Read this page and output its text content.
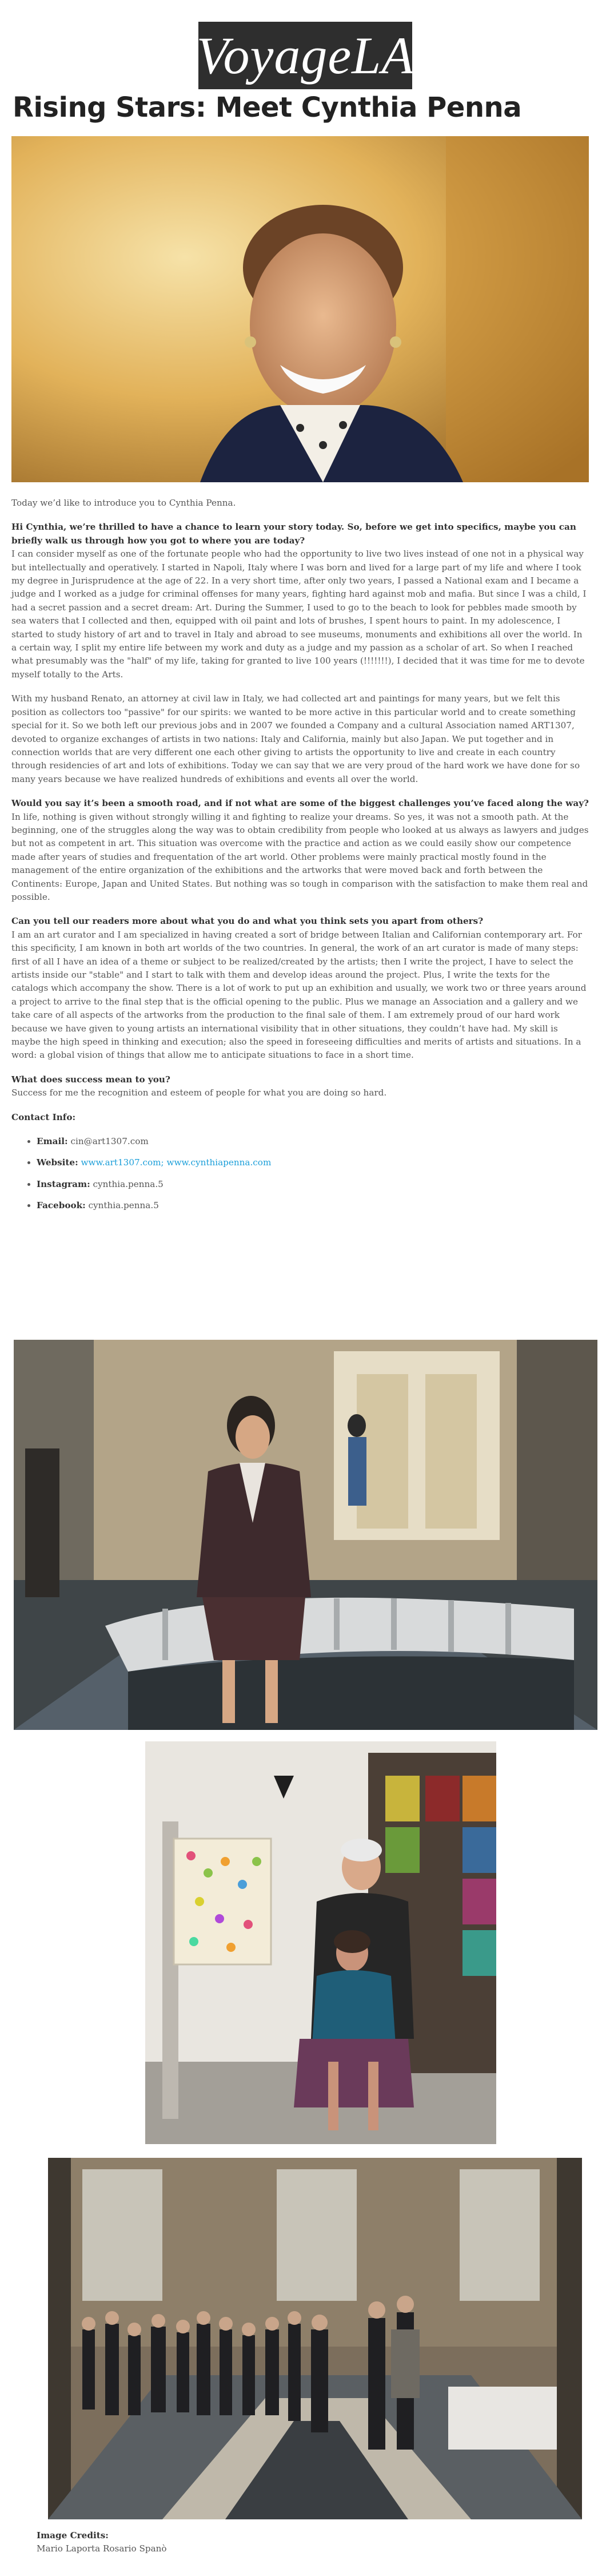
VoyageLA
Rising Stars: Meet Cynthia Penna

Today we’d like to introduce you to Cynthia Penna.

Hi Cynthia, we’re thrilled to have a chance to learn your story today. So, before we get into specifics, maybe you can briefly walk us through how you got to where you are today?

I can consider myself as one of the fortunate people who had the opportunity to live two lives instead of one not in a physical way but intellectually and operatively. I started in Napoli, Italy where I was born and lived for a large part of my life and where I took my degree in Jurisprudence at the age of 22. In a very short time, after only two years, I passed a National exam and I became a judge and I worked as a judge for criminal offenses for many years, fighting hard against mob and mafia. But since I was a child, I had a secret passion and a secret dream: Art. During the Summer, I used to go to the beach to look for pebbles made smooth by sea waters that I collected and then, equipped with oil paint and lots of brushes, I spent hours to paint. In my adolescence, I started to study history of art and to travel in Italy and abroad to see museums, monuments and exhibitions all over the world. In a certain way, I split my entire life between my work and duty as a judge and my passion as a scholar of art. So when I reached what presumably was the "half" of my life, taking for granted to live 100 years (!!!!!!!), I decided that it was time for me to devote myself totally to the Arts.

With my husband Renato, an attorney at civil law in Italy, we had collected art and paintings for many years, but we felt this position as collectors too "passive" for our spirits: we wanted to be more active in this particular world and to create something special for it. So we both left our previous jobs and in 2007 we founded a Company and a cultural Association named ART1307, devoted to organize exchanges of artists in two nations: Italy and California, mainly but also Japan. We put together and in connection worlds that are very different one each other giving to artists the opportunity to live and create in each country through residencies of art and lots of exhibitions. Today we can say that we are very proud of the hard work we have done for so many years because we have realized hundreds of exhibitions and events all over the world.

Would you say it’s been a smooth road, and if not what are some of the biggest challenges you’ve faced along the way?

In life, nothing is given without strongly willing it and fighting to realize your dreams. So yes, it was not a smooth path. At the beginning, one of the struggles along the way was to obtain credibility from people who looked at us always as lawyers and judges but not as competent in art. This situation was overcome with the practice and action as we could easily show our competence made after years of studies and frequentation of the art world. Other problems were mainly practical mostly found in the management of the entire organization of the exhibitions and the artworks that were moved back and forth between the Continents: Europe, Japan and United States. But nothing was so tough in comparison with the satisfaction to make them real and possible.

Can you tell our readers more about what you do and what you think sets you apart from others?

I am an art curator and I am specialized in having created a sort of bridge between Italian and Californian contemporary art. For this specificity, I am known in both art worlds of the two countries. In general, the work of an art curator is made of many steps: first of all I have an idea of a theme or subject to be realized/created by the artists; then I write the project, I have to select the artists inside our "stable" and I start to talk with them and develop ideas around the project. Plus, I write the texts for the catalogs which accompany the show. There is a lot of work to put up an exhibition and usually, we work two or three years around a project to arrive to the final step that is the official opening to the public. Plus we manage an Association and a gallery and we take care of all aspects of the artworks from the production to the final sale of them. I am extremely proud of our hard work because we have given to young artists an international visibility that in other situations, they couldn’t have had. My skill is maybe the high speed in thinking and execution; also the speed in foreseeing difficulties and merits of artists and situations. In a word: a global vision of things that allow me to anticipate situations to face in a short time.

What does success mean to you?

Success for me the recognition and esteem of people for what you are doing so hard.

Contact Info:

• Email: cin@art1307.com
• Website: www.art1307.com; www.cynthiapenna.com
• Instagram: cynthia.penna.5
• Facebook: cynthia.penna.5
Image Credits:
Mario Laporta Rosario Spanò
